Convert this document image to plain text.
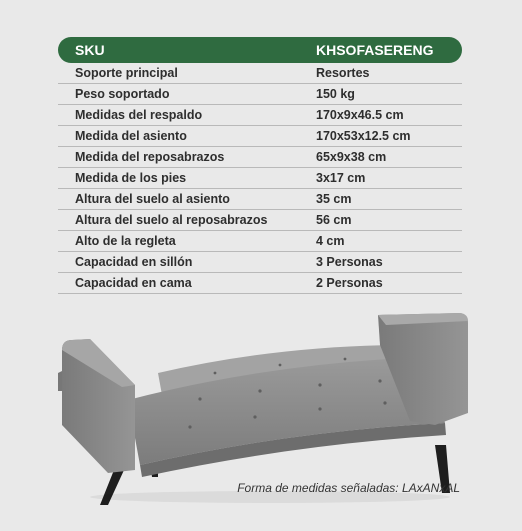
SKU	KHSOFASERENG
Soporte principal	Resortes
Peso soportado	150 kg
Medidas del respaldo	170x9x46.5 cm
Medida del asiento	170x53x12.5 cm
Medida del reposabrazos	65x9x38 cm
Medida de los pies	3x17 cm
Altura del suelo al asiento	35 cm
Altura del suelo al reposabrazos	56 cm
Alto de la regleta	4 cm
Capacidad en sillón	3 Personas
Capacidad en cama	2 Personas
Forma de medidas señaladas: LAxANxAL
